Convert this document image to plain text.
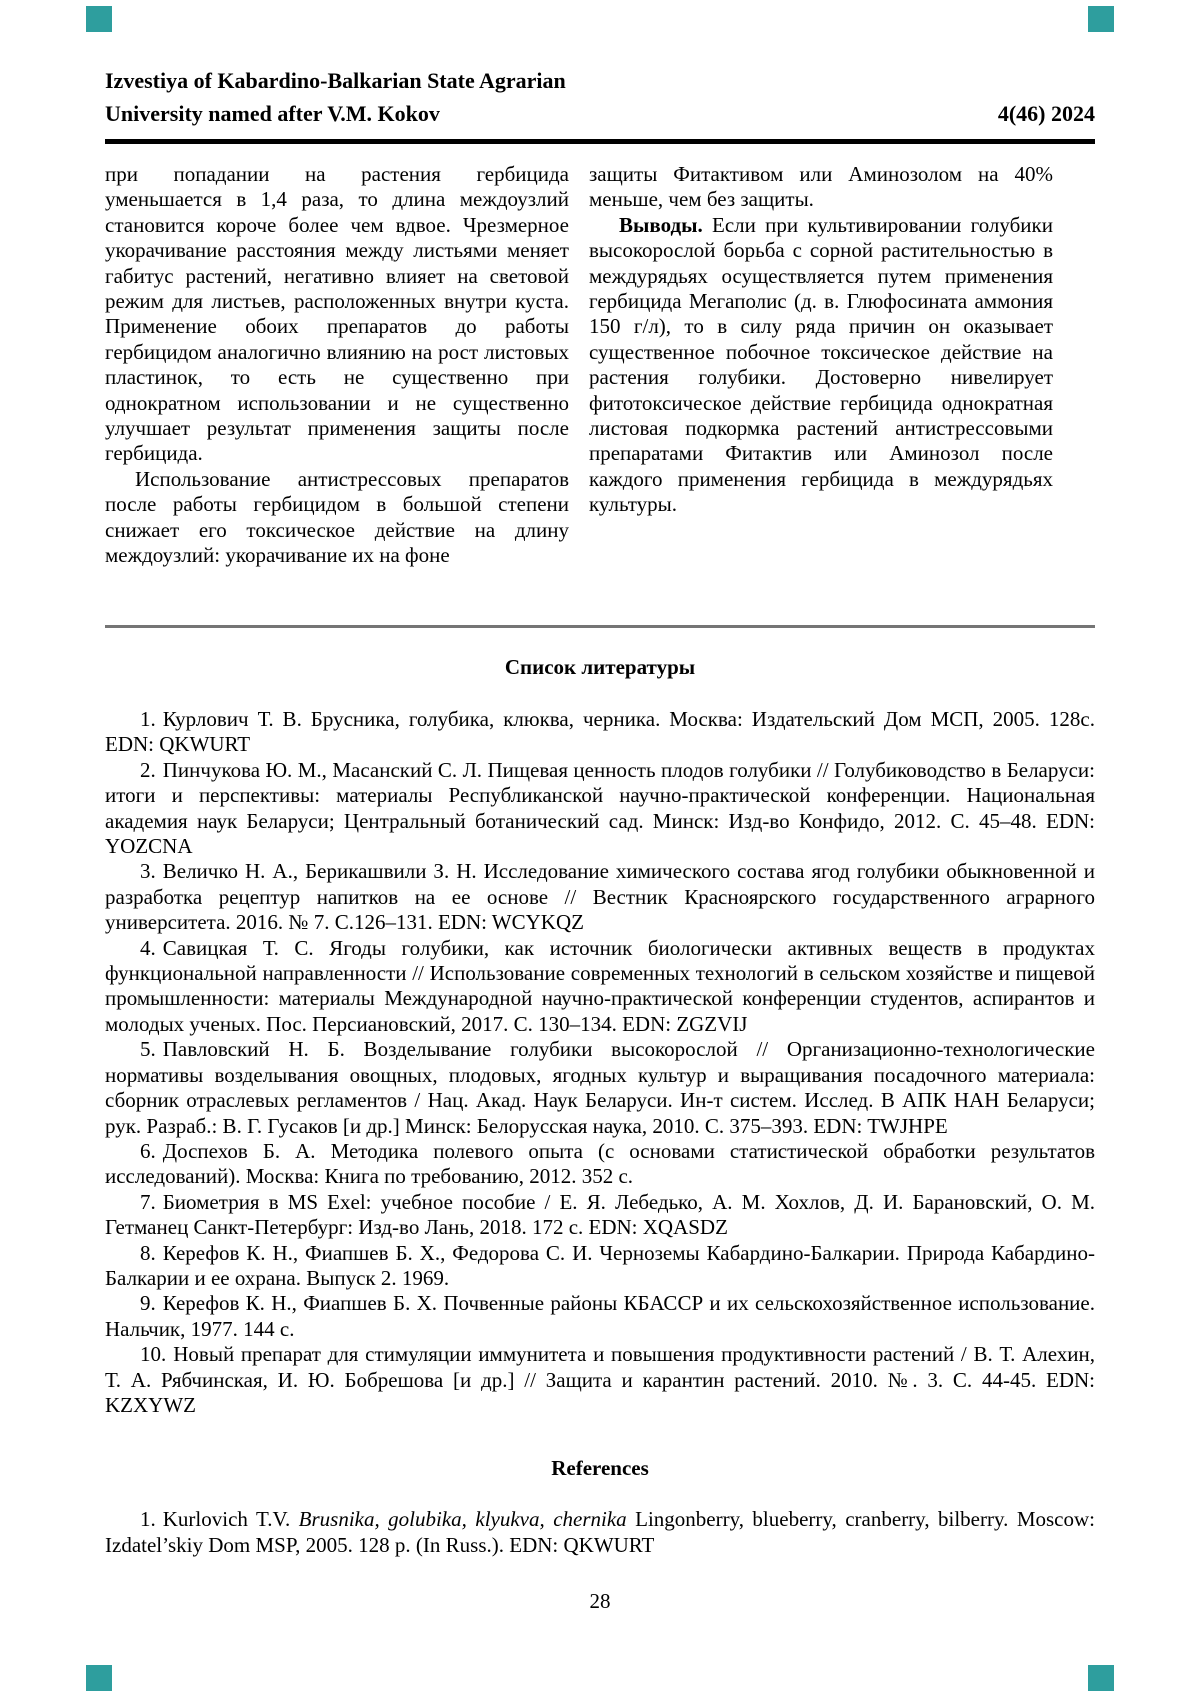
Izvestiya of Kabardino-Balkarian State Agrarian
University named after V.M. Kokov	4(46) 2024

при попадании на растения гербицида уменьшается в 1,4 раза, то длина междоузлий становится короче более чем вдвое. Чрезмерное укорачивание расстояния между листьями меняет габитус растений, негативно влияет на световой режим для листьев, расположенных внутри куста. Применение обоих препаратов до работы гербицидом аналогично влиянию на рост листовых пластинок, то есть не существенно при однократном использовании и не существенно улучшает результат применения защиты после гербицида.

Использование антистрессовых препаратов после работы гербицидом в большой степени снижает его токсическое действие на длину междоузлий: укорачивание их на фоне

защиты Фитактивом или Аминозолом на 40% меньше, чем без защиты.

Выводы. Если при культивировании голубики высокорослой борьба с сорной растительностью в междурядьях осуществляется путем применения гербицида Мегаполис (д. в. Глюфосината аммония 150 г/л), то в силу ряда причин он оказывает существенное побочное токсическое действие на растения голубики. Достоверно нивелирует фитотоксическое действие гербицида однократная листовая подкормка растений антистрессовыми препаратами Фитактив или Аминозол после каждого применения гербицида в междурядьях культуры.

Список литературы

1. Курлович Т. В. Брусника, голубика, клюква, черника. Москва: Издательский Дом МСП, 2005. 128с. EDN: QKWURT

2. Пинчукова Ю. М., Масанский С. Л. Пищевая ценность плодов голубики // Голубиководство в Беларуси: итоги и перспективы: материалы Республиканской научно-практической конференции. Национальная академия наук Беларуси; Центральный ботанический сад. Минск: Изд-во Конфидо, 2012. С. 45–48. EDN: YOZCNA

3. Величко Н. А., Берикашвили З. Н. Исследование химического состава ягод голубики обыкновенной и разработка рецептур напитков на ее основе // Вестник Красноярского государственного аграрного университета. 2016. № 7. С.126–131. EDN: WCYKQZ

4. Савицкая Т. С. Ягоды голубики, как источник биологически активных веществ в продуктах функциональной направленности // Использование современных технологий в сельском хозяйстве и пищевой промышленности: материалы Международной научно-практической конференции студентов, аспирантов и молодых ученых. Пос. Персиановский, 2017. С. 130–134. EDN: ZGZVIJ

5. Павловский Н. Б. Возделывание голубики высокорослой // Организационно-технологические нормативы возделывания овощных, плодовых, ягодных культур и выращивания посадочного материала: сборник отраслевых регламентов / Нац. Акад. Наук Беларуси. Ин-т систем. Исслед. В АПК НАН Беларуси; рук. Разраб.: В. Г. Гусаков [и др.] Минск: Белорусская наука, 2010. С. 375–393. EDN: TWJHPE

6. Доспехов Б. А. Методика полевого опыта (с основами статистической обработки результатов исследований). Москва: Книга по требованию, 2012. 352 с.

7. Биометрия в MS Exel: учебное пособие / Е. Я. Лебедько, А. М. Хохлов, Д. И. Барановский, О. М. Гетманец Санкт-Петербург: Изд-во Лань, 2018. 172 с. EDN: XQASDZ

8. Керефов К. Н., Фиапшев Б. Х., Федорова С. И. Черноземы Кабардино-Балкарии. Природа Кабардино-Балкарии и ее охрана. Выпуск 2. 1969.

9. Керефов К. Н., Фиапшев Б. Х. Почвенные районы КБАССР и их сельскохозяйственное использование. Нальчик, 1977. 144 с.

10. Новый препарат для стимуляции иммунитета и повышения продуктивности растений / В. Т. Алехин, Т. А. Рябчинская, И. Ю. Бобрешова [и др.] // Защита и карантин растений. 2010. №. 3. С. 44-45. EDN: KZXYWZ

References

1. Kurlovich T.V. Brusnika, golubika, klyukva, chernika Lingonberry, blueberry, cranberry, bilberry. Moscow: Izdatel’skiy Dom MSP, 2005. 128 p. (In Russ.). EDN: QKWURT

28
